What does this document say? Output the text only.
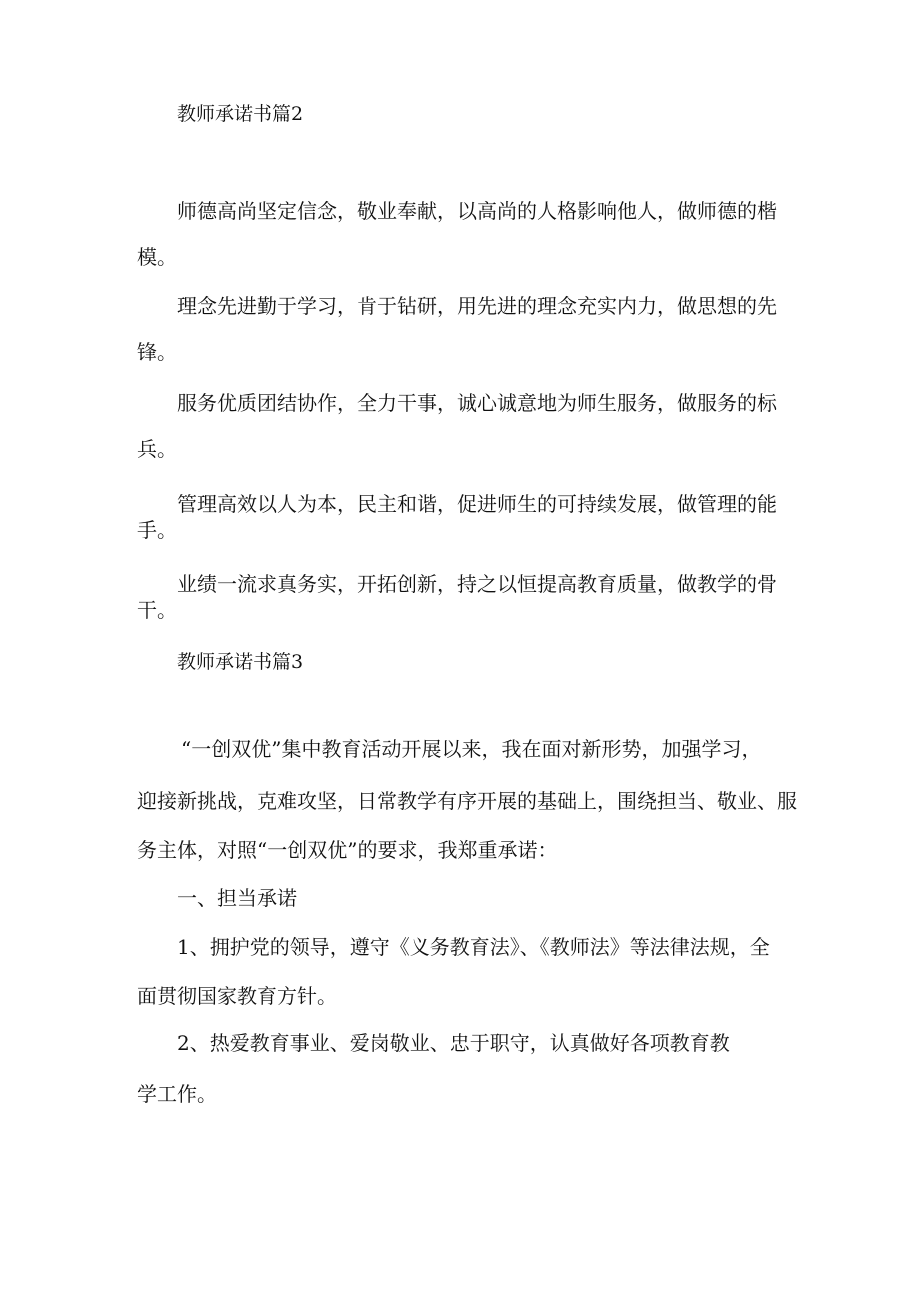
教师承诺书篇2

师德高尚坚定信念，敬业奉献，以高尚的人格影响他人，做师德的楷

模。

理念先进勤于学习，肯于钻研，用先进的理念充实内力，做思想的先

锋。

服务优质团结协作，全力干事，诚心诚意地为师生服务，做服务的标

兵。

管理高效以人为本，民主和谐，促进师生的可持续发展，做管理的能

手。

业绩一流求真务实，开拓创新，持之以恒提高教育质量，做教学的骨

干。

教师承诺书篇3

“一创双优”集中教育活动开展以来，我在面对新形势，加强学习，

迎接新挑战，克难攻坚，日常教学有序开展的基础上，围绕担当、敬业、服

务主体，对照“一创双优”的要求，我郑重承诺：

一、担当承诺

1、拥护党的领导，遵守《义务教育法》、《教师法》等法律法规，全

面贯彻国家教育方针。

2、热爱教育事业、爱岗敬业、忠于职守，认真做好各项教育教

学工作。
